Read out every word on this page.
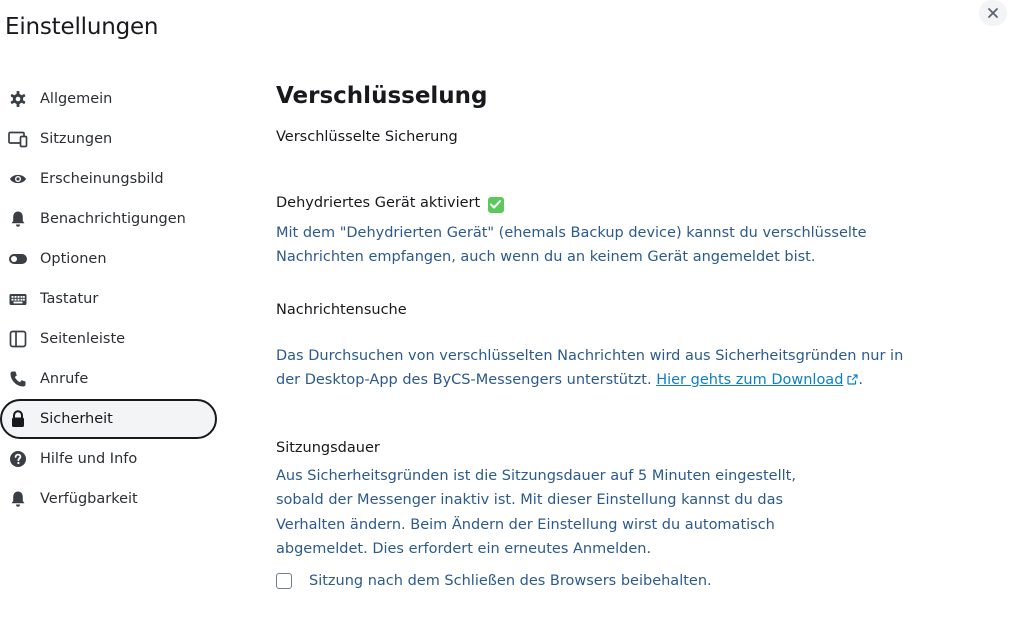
Einstellungen
Allgemein
Sitzungen
Erscheinungsbild
Benachrichtigungen
Optionen
Tastatur
Seitenleiste
Anrufe
Sicherheit
Hilfe und Info
Verfügbarkeit
Verschlüsselung
Verschlüsselte Sicherung
Dehydriertes Gerät aktiviert
Mit dem "Dehydrierten Gerät" (ehemals Backup device) kannst du verschlüsselte Nachrichten empfangen, auch wenn du an keinem Gerät angemeldet bist.
Nachrichtensuche
Das Durchsuchen von verschlüsselten Nachrichten wird aus Sicherheitsgründen nur in der Desktop-App des ByCS-Messengers unterstützt. Hier gehts zum Download .
Sitzungsdauer
Aus Sicherheitsgründen ist die Sitzungsdauer auf 5 Minuten eingestellt, sobald der Messenger inaktiv ist. Mit dieser Einstellung kannst du das Verhalten ändern. Beim Ändern der Einstellung wirst du automatisch abgemeldet. Dies erfordert ein erneutes Anmelden.
Sitzung nach dem Schließen des Browsers beibehalten.
